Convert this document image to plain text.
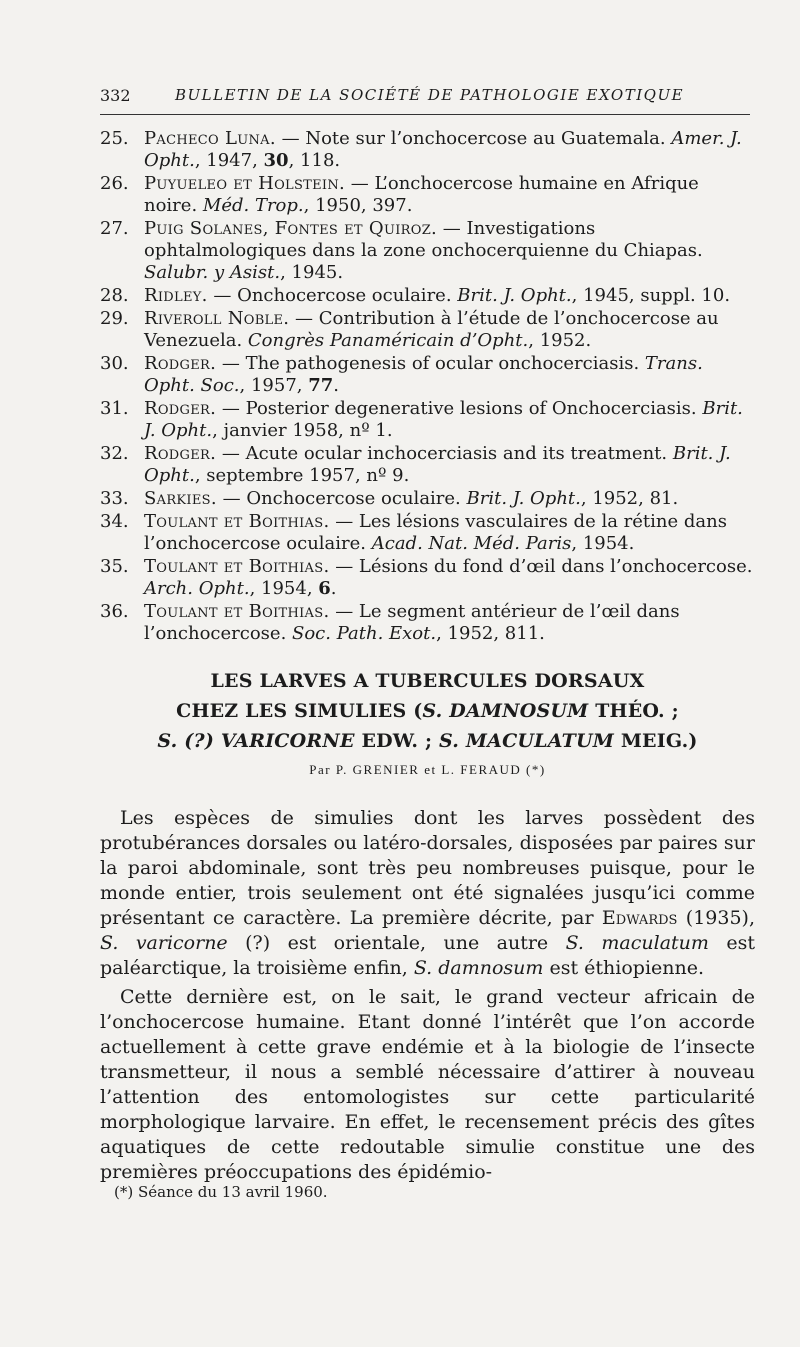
332	BULLETIN DE LA SOCIÉTÉ DE PATHOLOGIE EXOTIQUE
25. Pacheco Luna. — Note sur l’onchocercose au Guatemala. Amer. J. Opht., 1947, 30, 118.
26. Puyueleo et Holstein. — L’onchocercose humaine en Afrique noire. Méd. Trop., 1950, 397.
27. Puig Solanes, Fontes et Quiroz. — Investigations ophtalmologiques dans la zone onchocerquienne du Chiapas. Salubr. y Asist., 1945.
28. Ridley. — Onchocercose oculaire. Brit. J. Opht., 1945, suppl. 10.
29. Riveroll Noble. — Contribution à l’étude de l’onchocercose au Venezuela. Congrès Panaméricain d’Opht., 1952.
30. Rodger. — The pathogenesis of ocular onchocerciasis. Trans. Opht. Soc., 1957, 77.
31. Rodger. — Posterior degenerative lesions of Onchocerciasis. Brit. J. Opht., janvier 1958, nº 1.
32. Rodger. — Acute ocular inchocerciasis and its treatment. Brit. J. Opht., septembre 1957, nº 9.
33. Sarkies. — Onchocercose oculaire. Brit. J. Opht., 1952, 81.
34. Toulant et Boithias. — Les lésions vasculaires de la rétine dans l’onchocercose oculaire. Acad. Nat. Méd. Paris, 1954.
35. Toulant et Boithias. — Lésions du fond d’œil dans l’onchocercose. Arch. Opht., 1954, 6.
36. Toulant et Boithias. — Le segment antérieur de l’œil dans l’onchocercose. Soc. Path. Exot., 1952, 811.
LES LARVES A TUBERCULES DORSAUX
CHEZ LES SIMULIES (S. DAMNOSUM THÉO. ;
S. (?) VARICORNE EDW. ; S. MACULATUM MEIG.)
Par P. GRENIER et L. FERAUD (*)

Les espèces de simulies dont les larves possèdent des protubérances dorsales ou latéro-dorsales, disposées par paires sur la paroi abdominale, sont très peu nombreuses puisque, pour le monde entier, trois seulement ont été signalées jusqu’ici comme présentant ce caractère. La première décrite, par Edwards (1935), S. varicorne (?) est orientale, une autre S. maculatum est paléarctique, la troisième enfin, S. damnosum est éthiopienne.

Cette dernière est, on le sait, le grand vecteur africain de l’onchocercose humaine. Etant donné l’intérêt que l’on accorde actuellement à cette grave endémie et à la biologie de l’insecte transmetteur, il nous a semblé nécessaire d’attirer à nouveau l’attention des entomologistes sur cette particularité morphologique larvaire. En effet, le recensement précis des gîtes aquatiques de cette redoutable simulie constitue une des premières préoccupations des épidémio-

(*) Séance du 13 avril 1960.
